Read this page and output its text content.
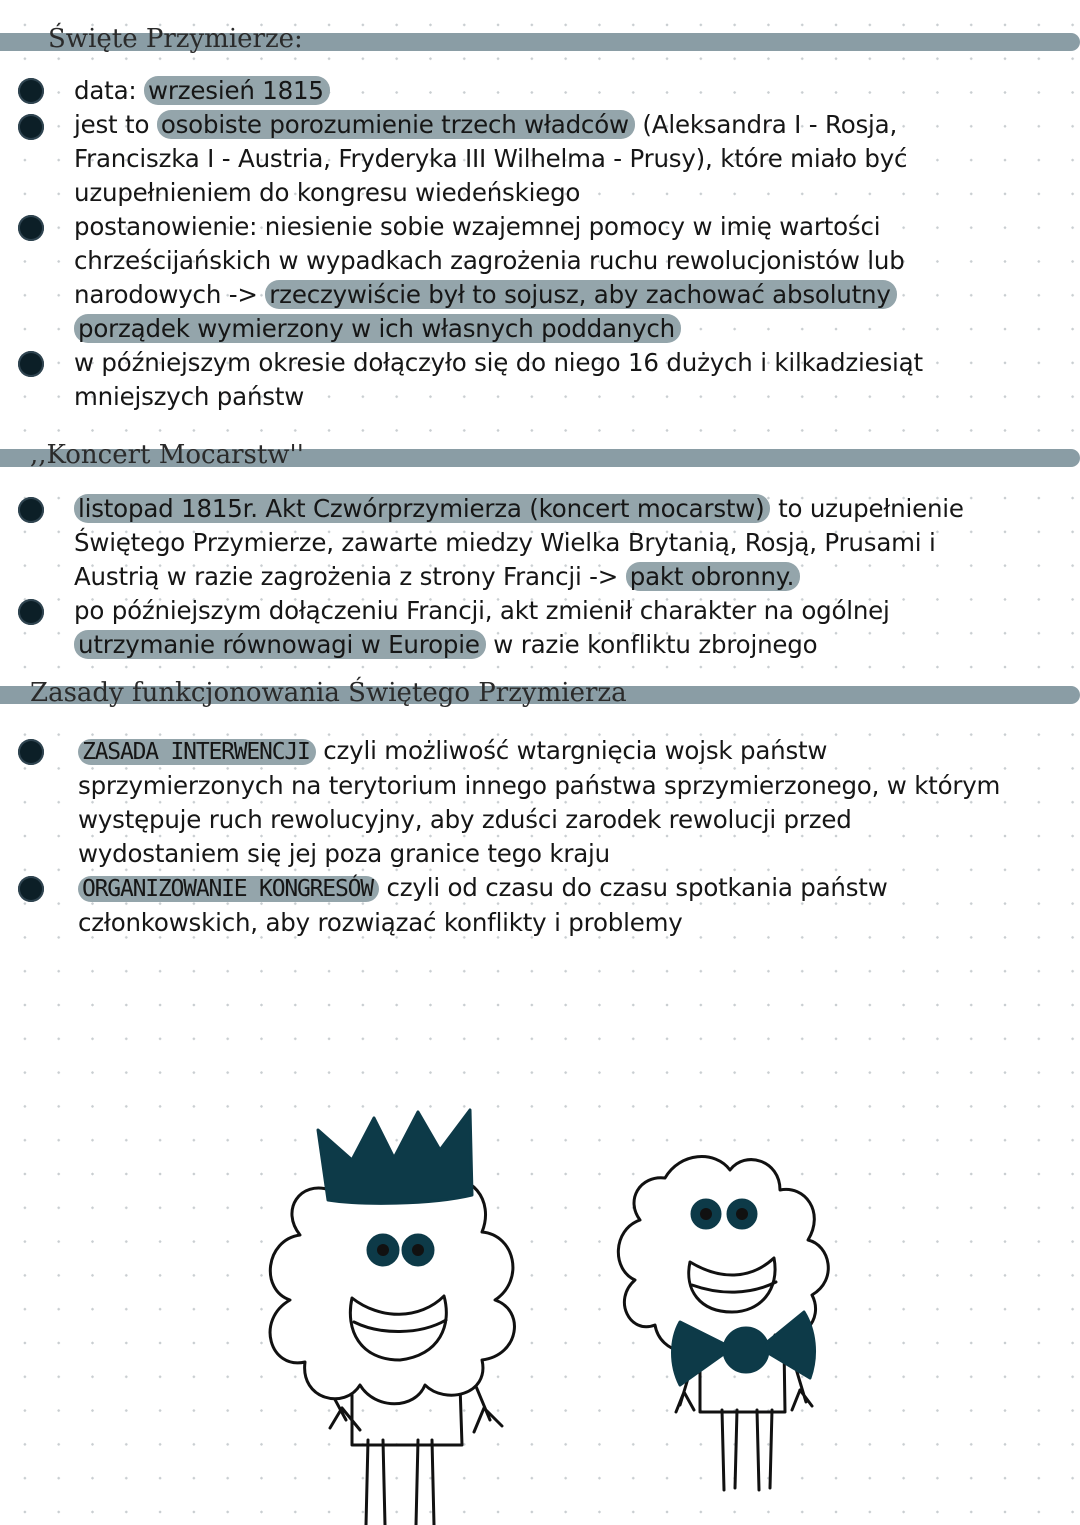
Święte Przymierze:
data: wrzesień 1815
jest to osobiste porozumienie trzech władców (Aleksandra I - Rosja, Franciszka I - Austria, Fryderyka III Wilhelma - Prusy), które miało być uzupełnieniem do kongresu wiedeńskiego
postanowienie: niesienie sobie wzajemnej pomocy w imię wartości chrześcijańskich w wypadkach zagrożenia ruchu rewolucjonistów lub narodowych -> rzeczywiście był to sojusz, aby zachować absolutny porządek wymierzony w ich własnych poddanych
w późniejszym okresie dołączyło się do niego 16 dużych i kilkadziesiąt mniejszych państw
,,Koncert Mocarstw''
listopad 1815r. Akt Czwórprzymierza (koncert mocarstw) to uzupełnienie Świętego Przymierze, zawarte miedzy Wielka Brytanią, Rosją, Prusami i Austrią w razie zagrożenia z strony Francji -> pakt obronny.
po późniejszym dołączeniu Francji, akt zmienił charakter na ogólnej utrzymanie równowagi w Europie w razie konfliktu zbrojnego
Zasady funkcjonowania Świętego Przymierza
ZASADA INTERWENCJI czyli możliwość wtargnięcia wojsk państw sprzymierzonych na terytorium innego państwa sprzymierzonego, w którym występuje ruch rewolucyjny, aby zduści zarodek rewolucji przed wydostaniem się jej poza granice tego kraju
ORGANIZOWANIE KONGRESÓW czyli od czasu do czasu spotkania państw członkowskich, aby rozwiązać konflikty i problemy
